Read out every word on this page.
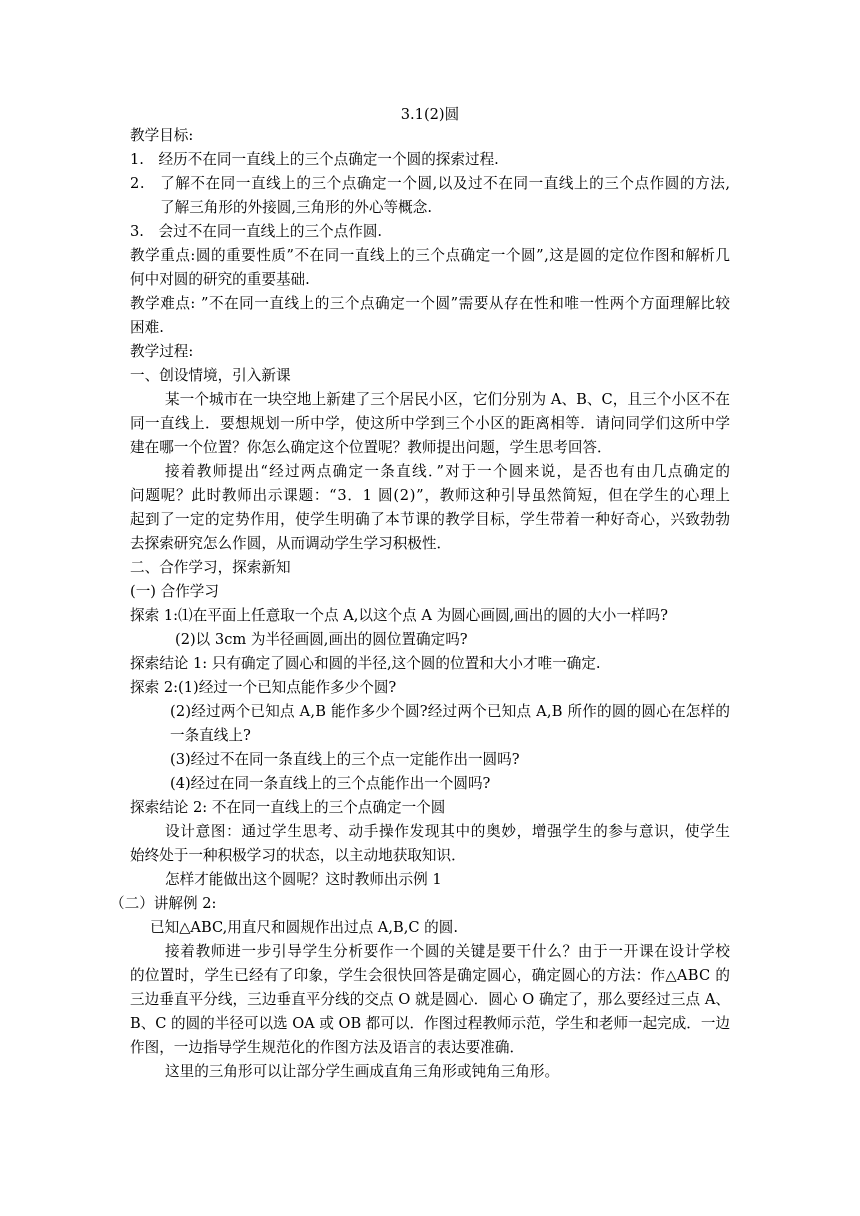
3.1(2)圆
教学目标:
1.　经历不在同一直线上的三个点确定一个圆的探索过程.
2.　了解不在同一直线上的三个点确定一个圆,以及过不在同一直线上的三个点作圆的方法,
了解三角形的外接圆,三角形的外心等概念.
3.　会过不在同一直线上的三个点作圆.
教学重点:圆的重要性质”不在同一直线上的三个点确定一个圆”,这是圆的定位作图和解析几
何中对圆的研究的重要基础.
教学难点: ”不在同一直线上的三个点确定一个圆”需要从存在性和唯一性两个方面理解比较
困难.
教学过程:
一、创设情境，引入新课
某一个城市在一块空地上新建了三个居民小区，它们分别为 A、B、C，且三个小区不在
同一直线上．要想规划一所中学，使这所中学到三个小区的距离相等．请问同学们这所中学
建在哪一个位置？你怎么确定这个位置呢？教师提出问题，学生思考回答．
接着教师提出“经过两点确定一条直线．”对于一个圆来说，是否也有由几点确定的
问题呢？此时教师出示课题：“3．1 圆(2)”，教师这种引导虽然简短，但在学生的心理上
起到了一定的定势作用，使学生明确了本节课的教学目标，学生带着一种好奇心，兴致勃勃
去探索研究怎么作圆，从而调动学生学习积极性．
二、合作学习，探索新知
(一) 合作学习
探索 1:⑴在平面上任意取一个点 A,以这个点 A 为圆心画圆,画出的圆的大小一样吗?
(2)以 3cm 为半径画圆,画出的圆位置确定吗?
探索结论 1: 只有确定了圆心和圆的半径,这个圆的位置和大小才唯一确定.
探索 2:(1)经过一个已知点能作多少个圆?
(2)经过两个已知点 A,B 能作多少个圆?经过两个已知点 A,B 所作的圆的圆心在怎样的
一条直线上?
(3)经过不在同一条直线上的三个点一定能作出一圆吗?
(4)经过在同一条直线上的三个点能作出一个圆吗?
探索结论 2: 不在同一直线上的三个点确定一个圆
设计意图：通过学生思考、动手操作发现其中的奥妙，增强学生的参与意识，使学生
始终处于一种积极学习的状态，以主动地获取知识．
怎样才能做出这个圆呢？这时教师出示例 1
（二）讲解例 2:
已知△ABC,用直尺和圆规作出过点 A,B,C 的圆.
接着教师进一步引导学生分析要作一个圆的关键是要干什么？由于一开课在设计学校
的位置时，学生已经有了印象，学生会很快回答是确定圆心，确定圆心的方法：作△ABC 的
三边垂直平分线，三边垂直平分线的交点 O 就是圆心．圆心 O 确定了，那么要经过三点 A、
B、C 的圆的半径可以选 OA 或 OB 都可以．作图过程教师示范，学生和老师一起完成．一边
作图，一边指导学生规范化的作图方法及语言的表达要准确．
这里的三角形可以让部分学生画成直角三角形或钝角三角形。
